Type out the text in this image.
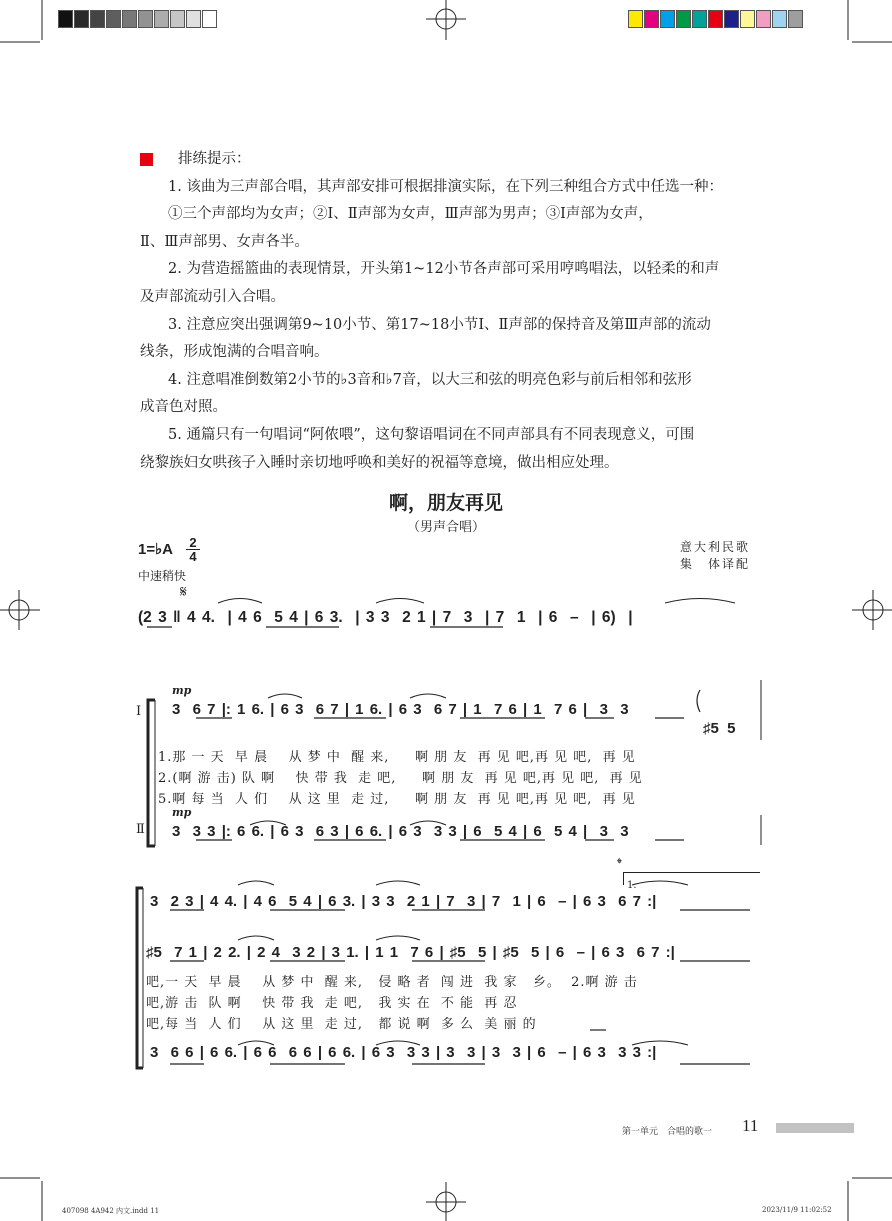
排练提示：

1. 该曲为三声部合唱，其声部安排可根据排演实际，在下列三种组合方式中任选一种：

①三个声部均为女声；②Ⅰ、Ⅱ声部为女声，Ⅲ声部为男声；③Ⅰ声部为女声，

Ⅱ、Ⅲ声部男、女声各半。

2. 为营造摇篮曲的表现情景，开头第1~12小节各声部可采用哼鸣唱法，以轻柔的和声

及声部流动引入合唱。

3. 注意应突出强调第9~10小节、第17~18小节Ⅰ、Ⅱ声部的保持音及第Ⅲ声部的流动

线条，形成饱满的合唱音响。

4. 注意唱准倒数第2小节的♭3音和♭7音，以大三和弦的明亮色彩与前后相邻和弦形

成音色对照。

5. 通篇只有一句唱词“阿侬喂”，这句黎语唱词在不同声部具有不同表现意义，可围

绕黎族妇女哄孩子入睡时亲切地呼唤和美好的祝福等意境，做出相应处理。

啊，朋友再见
（男声合唱）
1=♭A 2
4
意大利民歌
集　体译配
中速稍快
𝄋
(2 3 ‖ 4 4.  | 4 6  5 4 | 6 3.  | 3 3  2 1 | 7  3  | 7  1  | 6  –  | 6)  |
Ⅰ
Ⅱ
mp
mp
3  6 7 |: 1 6. | 6 3  6 7 | 1 6. | 6 3  6 7 | 1  7 6 | 1  7 6 |  3  3
♯5  5
1.那 一 天  早 晨    从 梦 中  醒 来,     啊 朋 友  再 见 吧,再 见 吧,  再 见
2.(啊 游 击) 队 啊    快 带 我  走 吧,     啊 朋 友  再 见 吧,再 见 吧,  再 见
5.啊 每 当  人 们    从 这 里  走 过,     啊 朋 友  再 见 吧,再 见 吧,  再 见
3  3 3 |: 6 6. | 6 3  6 3 | 6 6. | 6 3  3 3 | 6  5 4 | 6  5 4 |  3  3
𝄌
1.
3  2 3 | 4 4. | 4 6  5 4 | 6 3. | 3 3  2 1 | 7  3 | 7  1 | 6  – | 6 3  6 7 :|
♯5  7 1 | 2 2. | 2 4  3 2 | 3 1. | 1 1  7 6 | ♯5  5 | ♯5  5 | 6  – | 6 3  6 7 :|
吧,一 天  早 晨    从 梦 中  醒 来,   侵 略 者  闯 进  我 家   乡。  2.啊 游 击
吧,游 击  队 啊    快 带 我  走 吧,   我 实 在  不 能  再 忍
吧,每 当  人 们    从 这 里  走 过,   都 说 啊  多 么  美 丽 的
3  6 6 | 6 6. | 6 6  6 6 | 6 6. | 6 3  3 3 | 3  3 | 3  3 | 6  – | 6 3  3 3 :|
第一单元　合唱的歌一 11
407098 4A942 内文.indd 11	2023/11/9 11:02:52
